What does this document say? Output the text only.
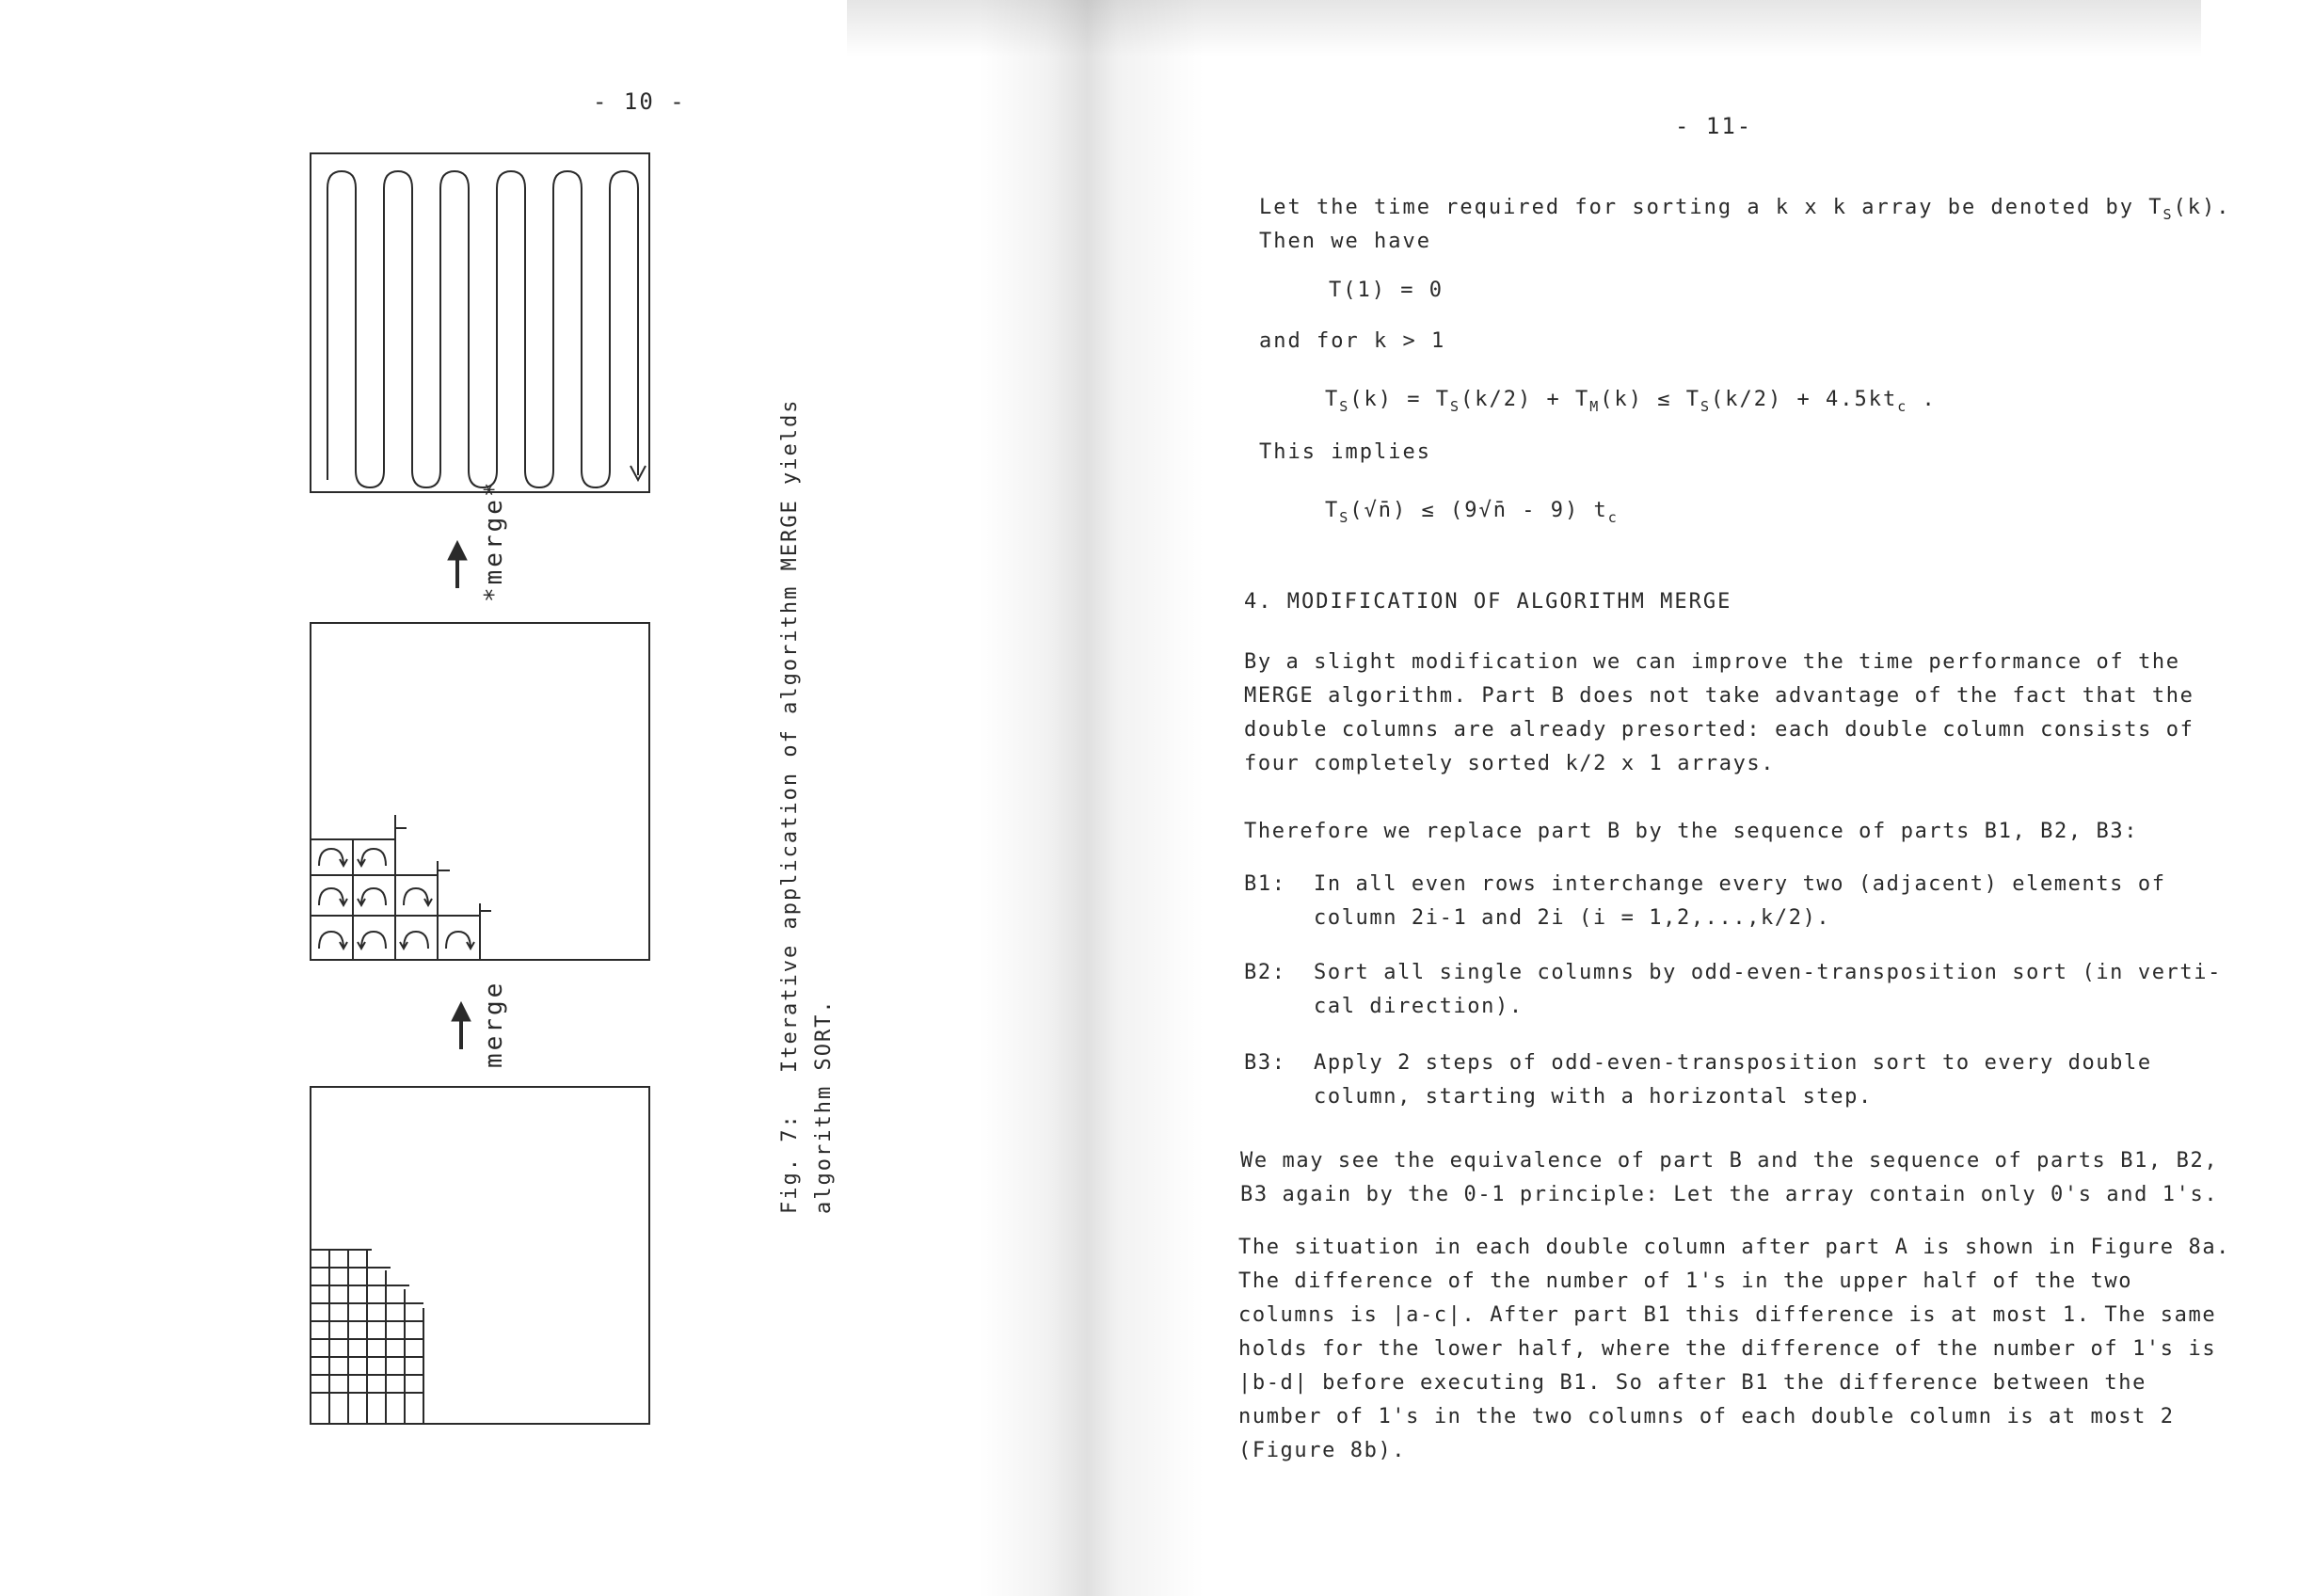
- 10 -
*merge*
merge
Fig. 7:Iterative application of algorithm MERGE yields algorithm SORT.
- 11-
Let the time required for sorting a k x k array be denoted by $T_S(k)$.
Then we have
T(1) = 0
and for k > 1
$T_S(k) = T_S(k/2) + T_M(k) \le T_S(k/2) + 4.5kt_c$ .
This implies
$T_S(√n̄)$ ≤ (9√n̄ - 9) $t_c$
4. MODIFICATION OF ALGORITHM MERGE
By a slight modification we can improve the time performance of the
MERGE algorithm. Part B does not take advantage of the fact that the
double columns are already presorted: each double column consists of
four completely sorted k/2 x 1 arrays.
Therefore we replace part B by the sequence of parts B1, B2, B3:
B1: In all even rows interchange every two (adjacent) elements of
column 2i-1 and 2i (i = 1,2,...,k/2).
B2: Sort all single columns by odd-even-transposition sort (in verti-
cal direction).
B3: Apply 2 steps of odd-even-transposition sort to every double
column, starting with a horizontal step.
We may see the equivalence of part B and the sequence of parts B1, B2,
B3 again by the 0-1 principle: Let the array contain only 0's and 1's.
The situation in each double column after part A is shown in Figure 8a.
The difference of the number of 1's in the upper half of the two
columns is |a-c|. After part B1 this difference is at most 1. The same
holds for the lower half, where the difference of the number of 1's is
|b-d| before executing B1. So after B1 the difference between the
number of 1's in the two columns of each double column is at most 2
(Figure 8b).
